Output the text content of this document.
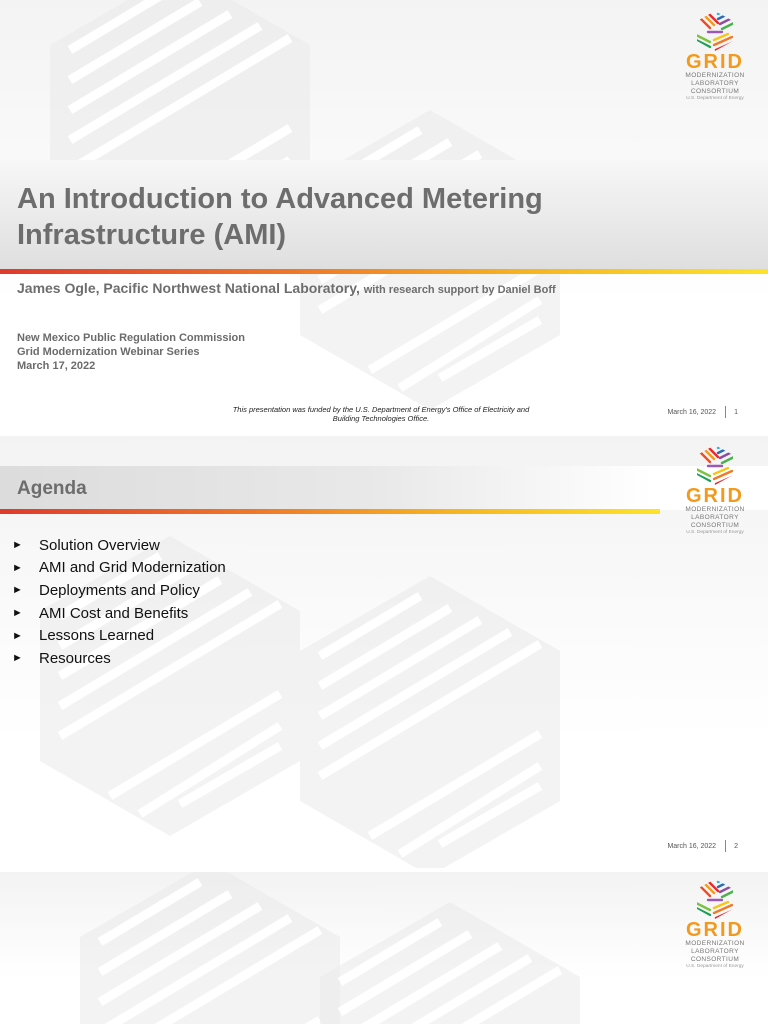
An Introduction to Advanced Metering Infrastructure (AMI)
James Ogle, Pacific Northwest National Laboratory, with research support by Daniel Boff
New Mexico Public Regulation Commission
Grid Modernization Webinar Series
March 17, 2022
This presentation was funded by the U.S. Department of Energy's Office of Electricity and Building Technologies Office.
March 16, 2022	1
GRID
MODERNIZATION
LABORATORY
CONSORTIUM
U.S. Department of Energy
Agenda
►	Solution Overview
►	AMI and Grid Modernization
►	Deployments and Policy
►	AMI Cost and Benefits
►	Lessons Learned
►	Resources
March 16, 2022	2
GRID
MODERNIZATION
LABORATORY
CONSORTIUM
U.S. Department of Energy
GRID
MODERNIZATION
LABORATORY
CONSORTIUM
U.S. Department of Energy
